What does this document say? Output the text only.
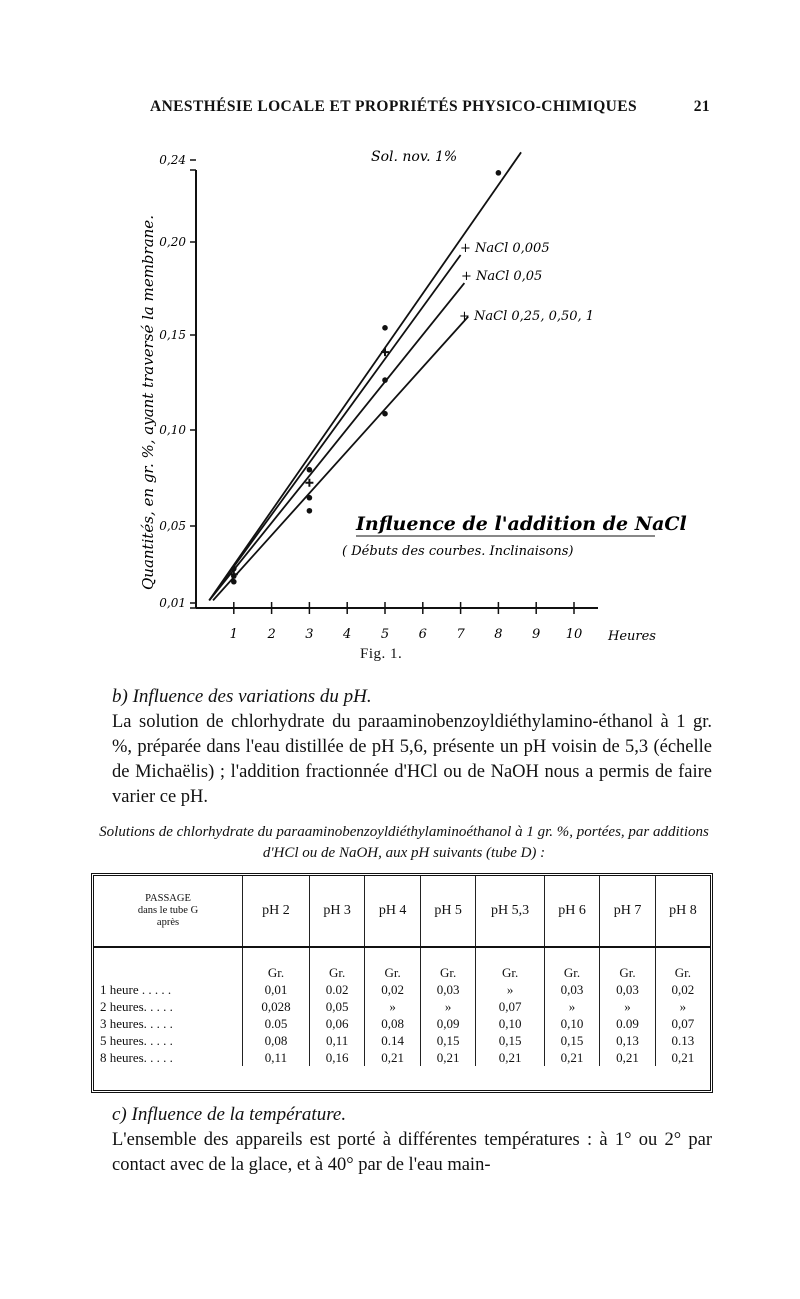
ANESTHÉSIE LOCALE ET PROPRIÉTÉS PHYSICO-CHIMIQUES	21
Quantités, en gr. %, ayant traversé la membrane.
0,01
0,05
0,10
0,15
0,20
0,24
1 2 3 4 5 6 7 8 9 10
Sol. nov. 1%
+ NaCl 0,005
+ NaCl 0,05
+ NaCl 0,25, 0,50, 1
Influence de l'addition de NaCl
( Débuts des courbes. Inclinaisons)
Heures
Fig. 1.
b) Influence des variations du pH.
La solution de chlorhydrate du paraaminobenzoyldiéthylamino-éthanol à 1 gr. %, préparée dans l'eau distillée de pH 5,6, présente un pH voisin de 5,3 (échelle de Michaëlis) ; l'addition fractionnée d'HCl ou de NaOH nous a permis de faire varier ce pH.
Solutions de chlorhydrate du paraaminobenzoyldiéthylaminoéthanol à 1 gr. %, portées, par additions d'HCl ou de NaOH, aux pH suivants (tube D) :
PASSAGE
dans le tube G
après	pH 2	pH 3	pH 4	pH 5	pH 5,3	pH 6	pH 7	pH 8
	Gr.	Gr.	Gr.	Gr.	Gr.	Gr.	Gr.	Gr.
1 heure . . . . .	0,01	0.02	0,02	0,03	»	0,03	0,03	0,02
2 heures. . . . .	0,028	0,05	»	»	0,07	»	»	»
3 heures. . . . .	0.05	0,06	0,08	0,09	0,10	0,10	0.09	0,07
5 heures. . . . .	0,08	0,11	0.14	0,15	0,15	0,15	0,13	0.13
8 heures. . . . .	0,11	0,16	0,21	0,21	0,21	0,21	0,21	0,21
c) Influence de la température.
L'ensemble des appareils est porté à différentes températures : à 1° ou 2° par contact avec de la glace, et à 40° par de l'eau main-
